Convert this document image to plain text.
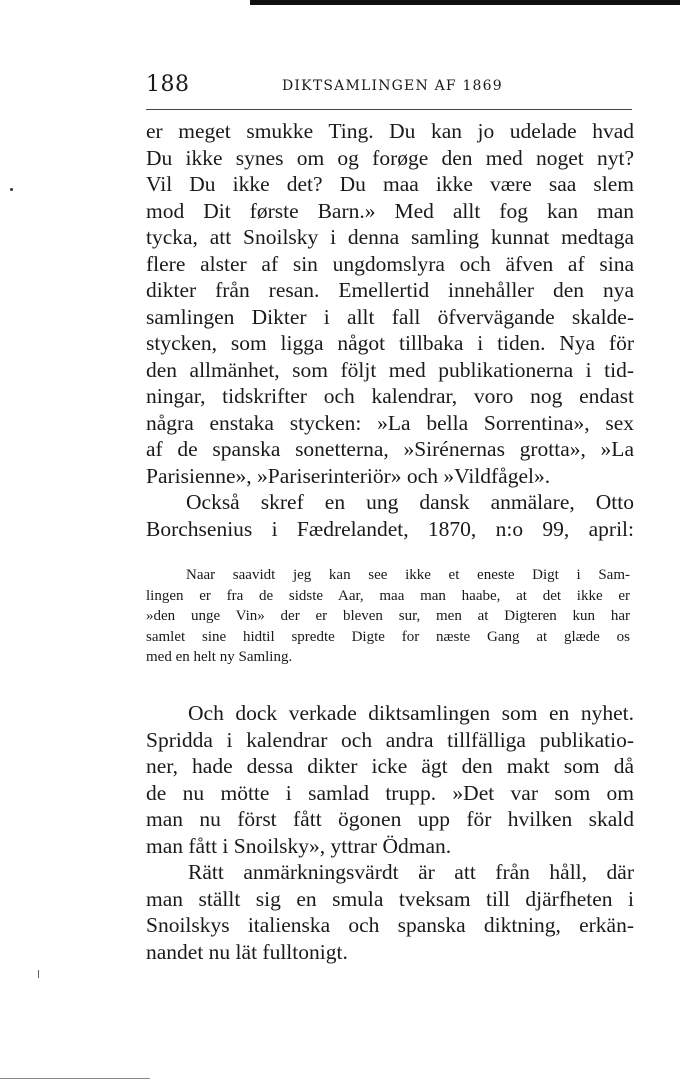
188	DIKTSAMLINGEN AF 1869
er meget smukke Ting. Du kan jo udelade hvad
Du ikke synes om og forøge den med noget nyt?
Vil Du ikke det? Du maa ikke være saa slem
mod Dit første Barn.» Med allt fog kan man
tycka, att Snoilsky i denna samling kunnat medtaga
flere alster af sin ungdomslyra och äfven af sina
dikter från resan. Emellertid innehåller den nya
samlingen Dikter i allt fall öfvervägande skalde-
stycken, som ligga något tillbaka i tiden. Nya för
den allmänhet, som följt med publikationerna i tid-
ningar, tidskrifter och kalendrar, voro nog endast
några enstaka stycken: »La bella Sorrentina», sex
af de spanska sonetterna, »Sirénernas grotta», »La
Parisienne», »Pariserinteriör» och »Vildfågel».
Också skref en ung dansk anmälare, Otto
Borchsenius i Fædrelandet, 1870, n:o 99, april:
Naar saavidt jeg kan see ikke et eneste Digt i Sam-
lingen er fra de sidste Aar, maa man haabe, at det ikke er
»den unge Vin» der er bleven sur, men at Digteren kun har
samlet sine hidtil spredte Digte for næste Gang at glæde os
med en helt ny Samling.
Och dock verkade diktsamlingen som en nyhet.
Spridda i kalendrar och andra tillfälliga publikatio-
ner, hade dessa dikter icke ägt den makt som då
de nu mötte i samlad trupp. »Det var som om
man nu först fått ögonen upp för hvilken skald
man fått i Snoilsky», yttrar Ödman.
Rätt anmärkningsvärdt är att från håll, där
man ställt sig en smula tveksam till djärfheten i
Snoilskys italienska och spanska diktning, erkän-
nandet nu lät fulltonigt.
